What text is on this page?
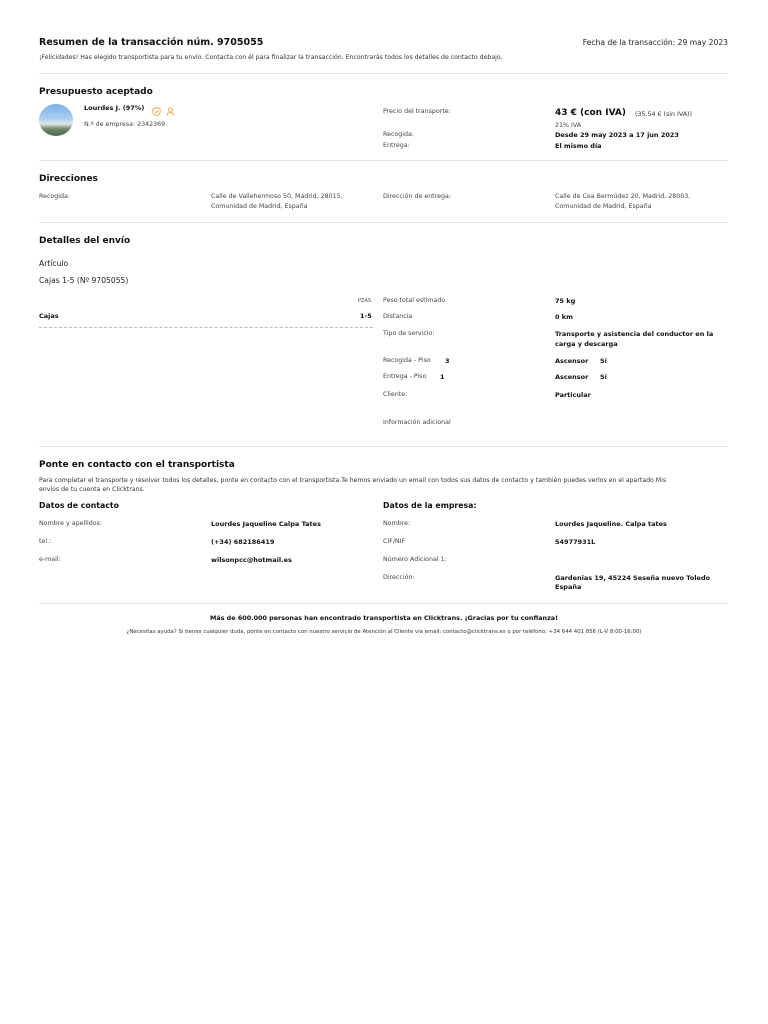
Resumen de la transacción núm. 9705055	Fecha de la transacción: 29 may 2023
¡Felicidades! Has elegido transportista para tu envío. Contacta con él para finalizar la transacción. Encontrarás todos los detalles de contacto debajo.
Presupuesto aceptado
Lourdes J. (97%)
N.º de empresa: 2342369
Precio del transporte:	43 € (con IVA) (35.54 € (sin IVA))
21% IVA
Recogida:	Desde 29 may 2023 a 17 jun 2023
Entrega:	El mismo día
Direcciones
Recogida:	Calle de Vallehermoso 50, Madrid, 28015,
Comunidad de Madrid, España
Dirección de entrega:	Calle de Cea Bermúdez 20, Madrid, 28003,
Comunidad de Madrid, España
Detalles del envío
Artículo
Cajas 1-5 (Nº 9705055)
PZAS
Cajas	1-5
Peso total estimado	75 kg
Distancia	0 km
Tipo de servicio:	Transporte y asistencia del conductor en la
carga y descarga
Recogida - Piso 3	Ascensor Sí
Entrega - Piso 1	Ascensor Sí
Cliente:	Particular
Información adicional
Ponte en contacto con el transportista
Para completar el transporte y resolver todos los detalles, ponte en contacto con el transportista.Te hemos enviado un email con todos sus datos de contacto y también puedes verlos en el apartado Mis
envíos de tu cuenta en Clicktrans.
Datos de contacto
Nombre y apellidos:	Lourdes Jaqueline Calpa Tates
tel.:	(+34) 682186419
e-mail:	wilsonpcc@hotmail.es
Datos de la empresa:
Nombre:	Lourdes Jaqueline. Calpa tates
CIF/NIF	54977931L
Número Adicional 1:
Dirección:	Gardenias 19, 45224 Seseña nuevo Toledo
España
Más de 600.000 personas han encontrado transportista en Clicktrans. ¡Gracias por tu confianza!
¿Necesitas ayuda? Si tienes cualquier duda, ponte en contacto con nuestro servicio de Atención al Cliente vía email: contacto@clicktrans.es o por teléfono: +34 644 401 856 (L-V 8:00-16:00)
